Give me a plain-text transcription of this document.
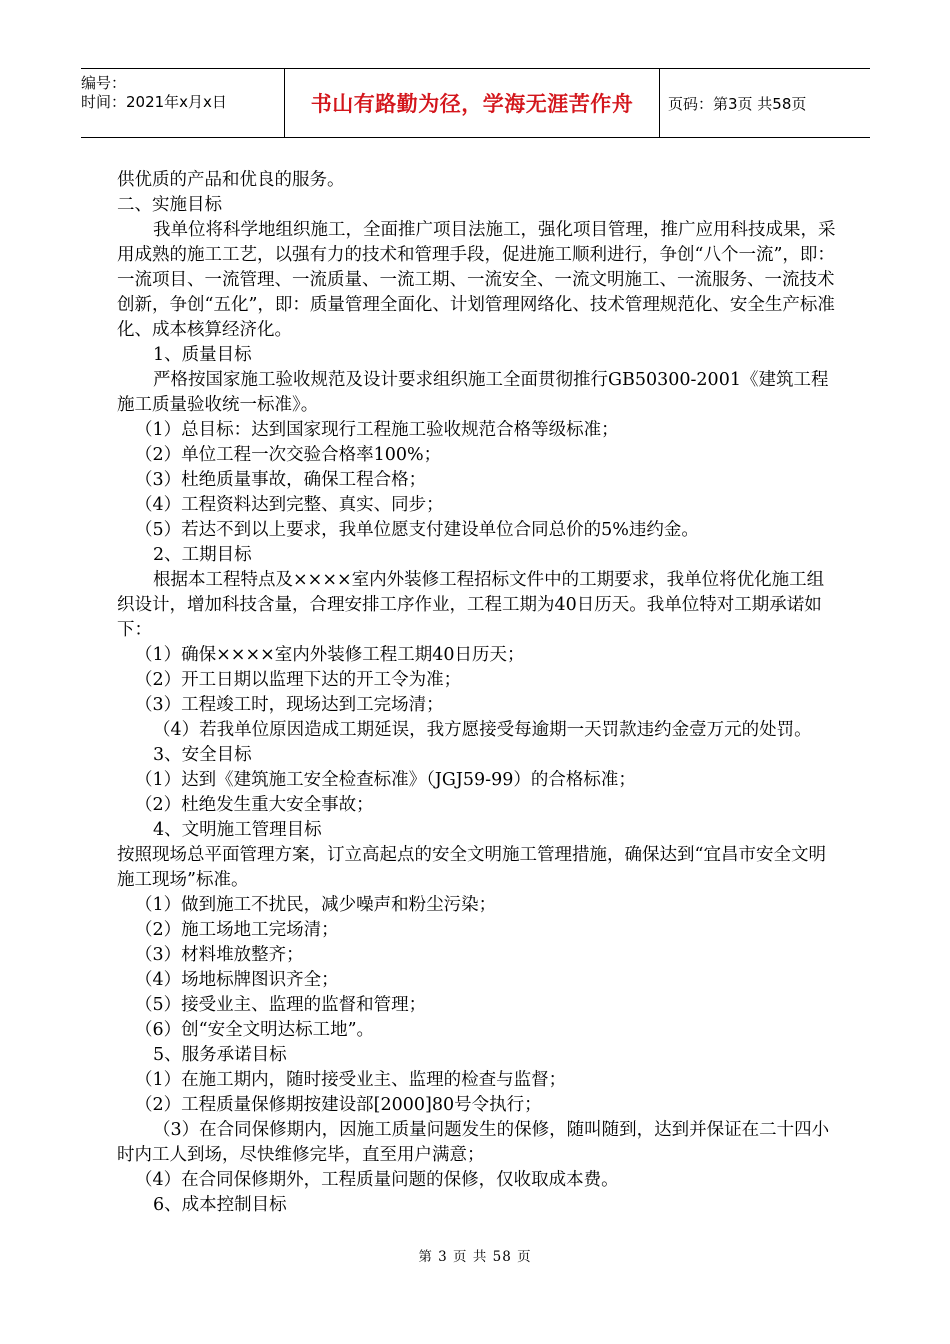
编号：
时间：2021年x月x日	书山有路勤为径，学海无涯苦作舟	页码：第3页 共58页

供优质的产品和优良的服务。

二、实施目标

我单位将科学地组织施工，全面推广项目法施工，强化项目管理，推广应用科技成果，采用成熟的施工工艺，以强有力的技术和管理手段，促进施工顺利进行，争创“八个一流”，即：一流项目、一流管理、一流质量、一流工期、一流安全、一流文明施工、一流服务、一流技术创新，争创“五化”，即：质量管理全面化、计划管理网络化、技术管理规范化、安全生产标准化、成本核算经济化。

1、质量目标

严格按国家施工验收规范及设计要求组织施工全面贯彻推行GB50300-2001《建筑工程施工质量验收统一标准》。

（1）总目标：达到国家现行工程施工验收规范合格等级标准；

（2）单位工程一次交验合格率100%；

（3）杜绝质量事故，确保工程合格；

（4）工程资料达到完整、真实、同步；

（5）若达不到以上要求，我单位愿支付建设单位合同总价的5%违约金。

2、工期目标

根据本工程特点及××××室内外装修工程招标文件中的工期要求，我单位将优化施工组织设计，增加科技含量，合理安排工序作业，工程工期为40日历天。我单位特对工期承诺如下：

（1）确保××××室内外装修工程工期40日历天；

（2）开工日期以监理下达的开工令为准；

（3）工程竣工时，现场达到工完场清；

（4）若我单位原因造成工期延误，我方愿接受每逾期一天罚款违约金壹万元的处罚。

3、安全目标

（1）达到《建筑施工安全检查标准》（JGJ59-99）的合格标准；

（2）杜绝发生重大安全事故；

4、文明施工管理目标

按照现场总平面管理方案，订立高起点的安全文明施工管理措施，确保达到“宜昌市安全文明施工现场”标准。

（1）做到施工不扰民，减少噪声和粉尘污染；

（2）施工场地工完场清；

（3）材料堆放整齐；

（4）场地标牌图识齐全；

（5）接受业主、监理的监督和管理；

（6）创“安全文明达标工地”。

5、服务承诺目标

（1）在施工期内，随时接受业主、监理的检查与监督；

（2）工程质量保修期按建设部[2000]80号令执行；

（3）在合同保修期内，因施工质量问题发生的保修，随叫随到，达到并保证在二十四小时内工人到场，尽快维修完毕，直至用户满意；

（4）在合同保修期外，工程质量问题的保修，仅收取成本费。

6、成本控制目标

第 3 页 共 58 页
